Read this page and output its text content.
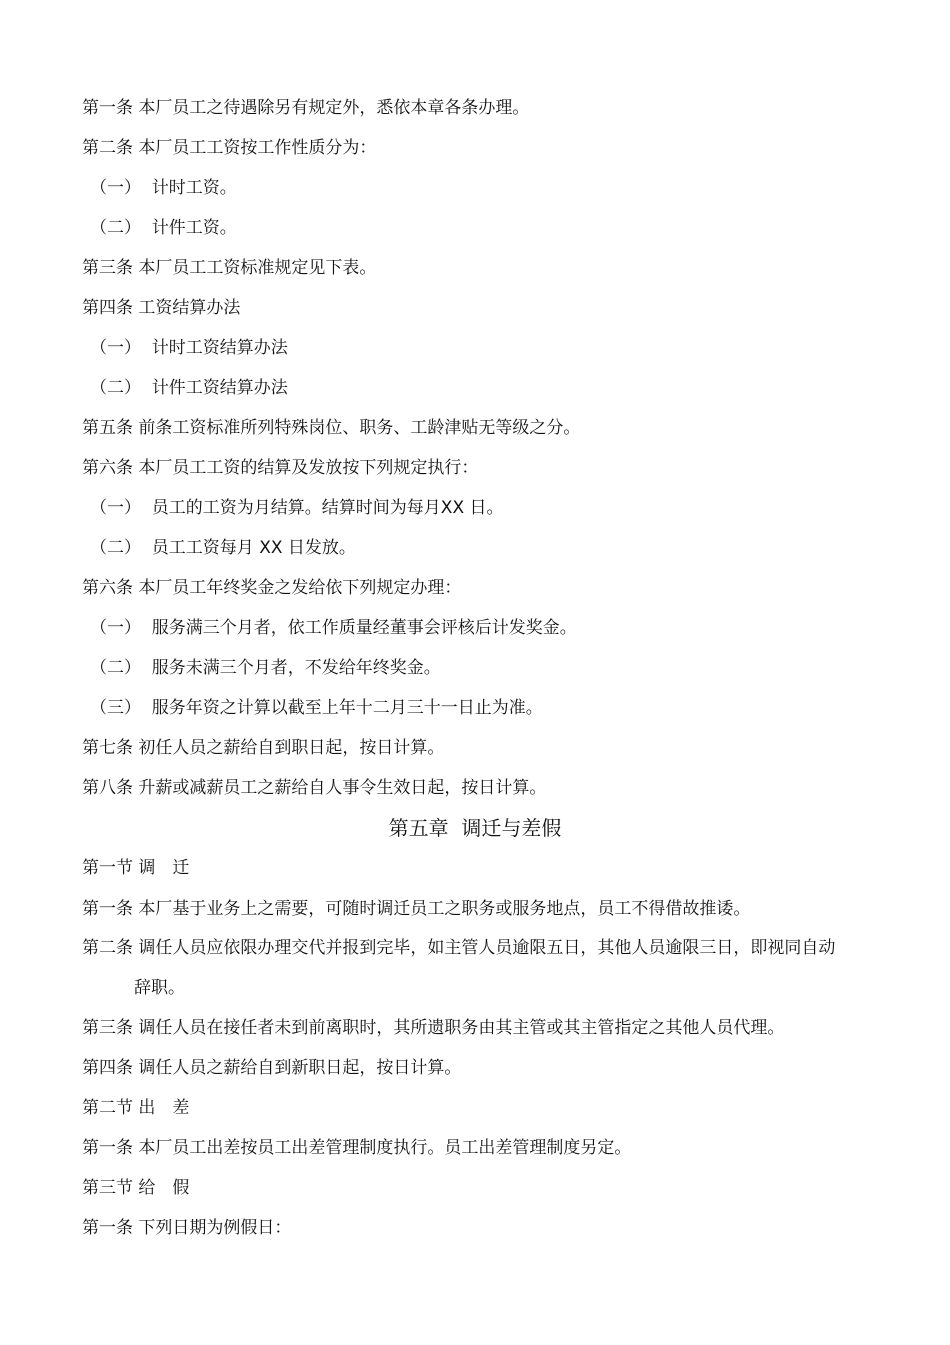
第一条 本厂员工之待遇除另有规定外，悉依本章各条办理。
第二条 本厂员工工资按工作性质分为：
（一）  计时工资。
（二）  计件工资。
第三条 本厂员工工资标准规定见下表。
第四条 工资结算办法
（一）  计时工资结算办法
（二）  计件工资结算办法
第五条 前条工资标准所列特殊岗位、职务、工龄津贴无等级之分。
第六条 本厂员工工资的结算及发放按下列规定执行：
（一）  员工的工资为月结算。结算时间为每月XX 日。
（二）  员工工资每月 XX 日发放。
第六条 本厂员工年终奖金之发给依下列规定办理：
（一）  服务满三个月者，依工作质量经董事会评核后计发奖金。
（二）  服务未满三个月者，不发给年终奖金。
（三）  服务年资之计算以截至上年十二月三十一日止为准。
第七条 初任人员之薪给自到职日起，按日计算。
第八条 升薪或减薪员工之薪给自人事令生效日起，按日计算。
第五章  调迁与差假
第一节 调　迁
第一条 本厂基于业务上之需要，可随时调迁员工之职务或服务地点，员工不得借故推诿。
第二条 调任人员应依限办理交代并报到完毕，如主管人员逾限五日，其他人员逾限三日，即视同自动
辞职。
第三条 调任人员在接任者未到前离职时，其所遗职务由其主管或其主管指定之其他人员代理。
第四条 调任人员之薪给自到新职日起，按日计算。
第二节 出　差
第一条 本厂员工出差按员工出差管理制度执行。员工出差管理制度另定。
第三节 给　假
第一条 下列日期为例假日：
